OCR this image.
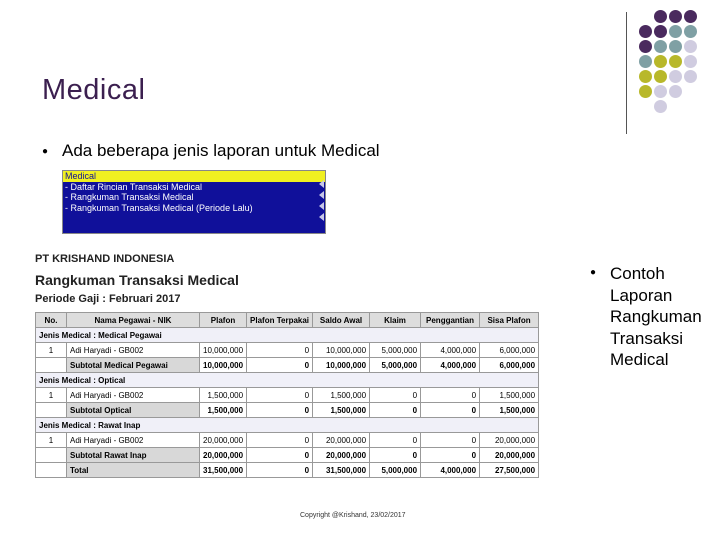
Medical
● Ada beberapa jenis laporan untuk Medical
Medical
- Daftar Rincian Transaksi Medical
- Rangkuman Transaksi Medical
- Rangkuman Transaksi Medical (Periode Lalu)
PT KRISHAND INDONESIA
Rangkuman Transaksi Medical
Periode Gaji : Februari 2017
No.	Nama Pegawai - NIK	Plafon	Plafon Terpakai	Saldo Awal	Klaim	Penggantian	Sisa Plafon
Jenis Medical : Medical Pegawai							
1	Adi Haryadi - GB002	10,000,000	0	10,000,000	5,000,000	4,000,000	6,000,000
	Subtotal Medical Pegawai	10,000,000	0	10,000,000	5,000,000	4,000,000	6,000,000
Jenis Medical : Optical							
1	Adi Haryadi - GB002	1,500,000	0	1,500,000	0	0	1,500,000
	Subtotal Optical	1,500,000	0	1,500,000	0	0	1,500,000
Jenis Medical : Rawat Inap							
1	Adi Haryadi - GB002	20,000,000	0	20,000,000	0	0	20,000,000
	Subtotal Rawat Inap	20,000,000	0	20,000,000	0	0	20,000,000
	Total	31,500,000	0	31,500,000	5,000,000	4,000,000	27,500,000
● Contoh
Laporan
Rangkuman
Transaksi
Medical
Copyright @Krishand, 23/02/2017
